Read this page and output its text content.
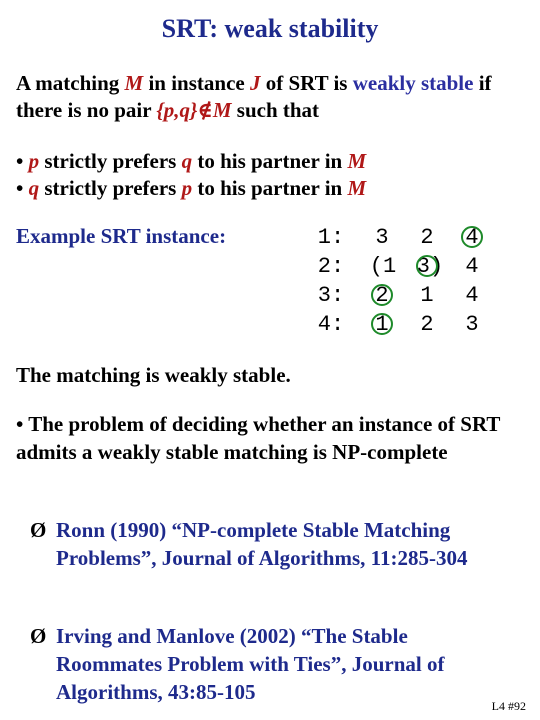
SRT: weak stability
A matching M in instance J of SRT is weakly stable if there is no pair {p,q}∉M such that
• p strictly prefers q to his partner in M
• q strictly prefers p to his partner in M
Example SRT instance:	1: 3 2 4
2: (1 3) 4
3: 2 1 4
4: 1 2 3
The matching is weakly stable.
• The problem of deciding whether an instance of SRT admits a weakly stable matching is NP-complete
Ø Ronn (1990) “NP-complete Stable Matching Problems”, Journal of Algorithms, 11:285-304
Ø Irving and Manlove (2002) “The Stable Roommates Problem with Ties”, Journal of Algorithms, 43:85-105
L4 #92
